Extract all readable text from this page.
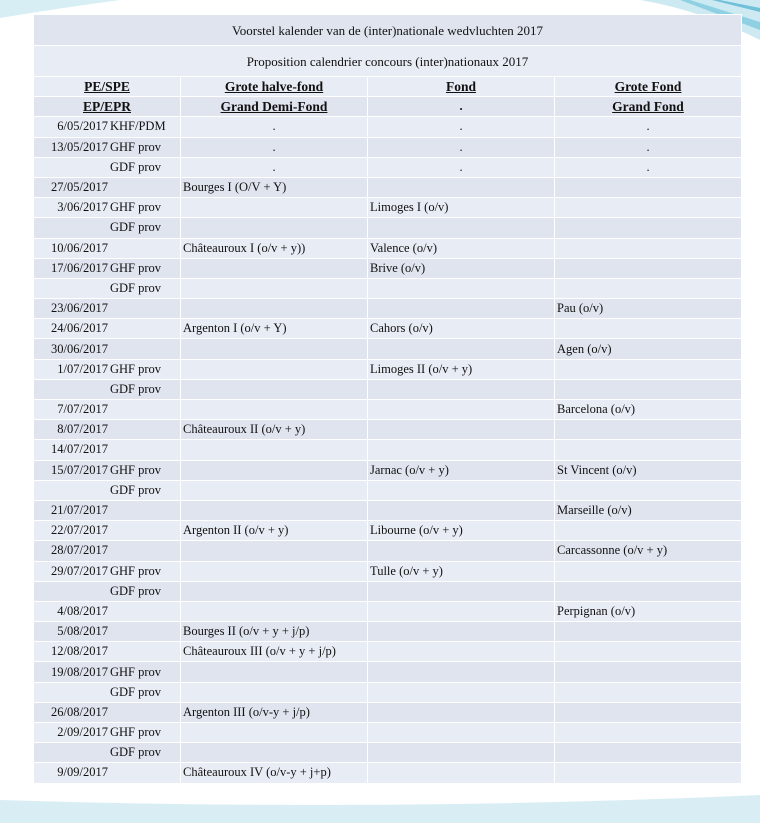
Voorstel kalender van de (inter)nationale wedvluchten 2017			
Proposition calendrier concours (inter)nationaux 2017			
PE/SPE	Grote halve-fond	Fond	Grote Fond
EP/EPR	Grand Demi-Fond	.	Grand Fond
6/05/2017 KHF/PDM	.	.	.
13/05/2017 GHF prov	.	.	.
GDF prov	.	.	.
27/05/2017	Bourges I (O/V + Y)		
3/06/2017 GHF prov		Limoges I (o/v)	
GDF prov			
10/06/2017	Châteauroux I (o/v + y))	Valence (o/v)	
17/06/2017 GHF prov		Brive (o/v)	
GDF prov			
23/06/2017			Pau (o/v)
24/06/2017	Argenton I (o/v + Y)	Cahors (o/v)	
30/06/2017			Agen (o/v)
1/07/2017 GHF prov		Limoges II (o/v + y)	
GDF prov			
7/07/2017			Barcelona (o/v)
8/07/2017	Châteauroux II (o/v + y)		
14/07/2017			
15/07/2017 GHF prov		Jarnac (o/v + y)	St Vincent (o/v)
GDF prov			
21/07/2017			Marseille (o/v)
22/07/2017	Argenton II (o/v + y)	Libourne (o/v + y)	
28/07/2017			Carcassonne (o/v + y)
29/07/2017 GHF prov		Tulle (o/v + y)	
GDF prov			
4/08/2017			Perpignan (o/v)
5/08/2017	Bourges II (o/v + y + j/p)		
12/08/2017	Châteauroux III (o/v + y + j/p)		
19/08/2017 GHF prov			
GDF prov			
26/08/2017	Argenton III (o/v-y + j/p)		
2/09/2017 GHF prov			
GDF prov			
9/09/2017	Châteauroux IV (o/v-y + j+p)		
